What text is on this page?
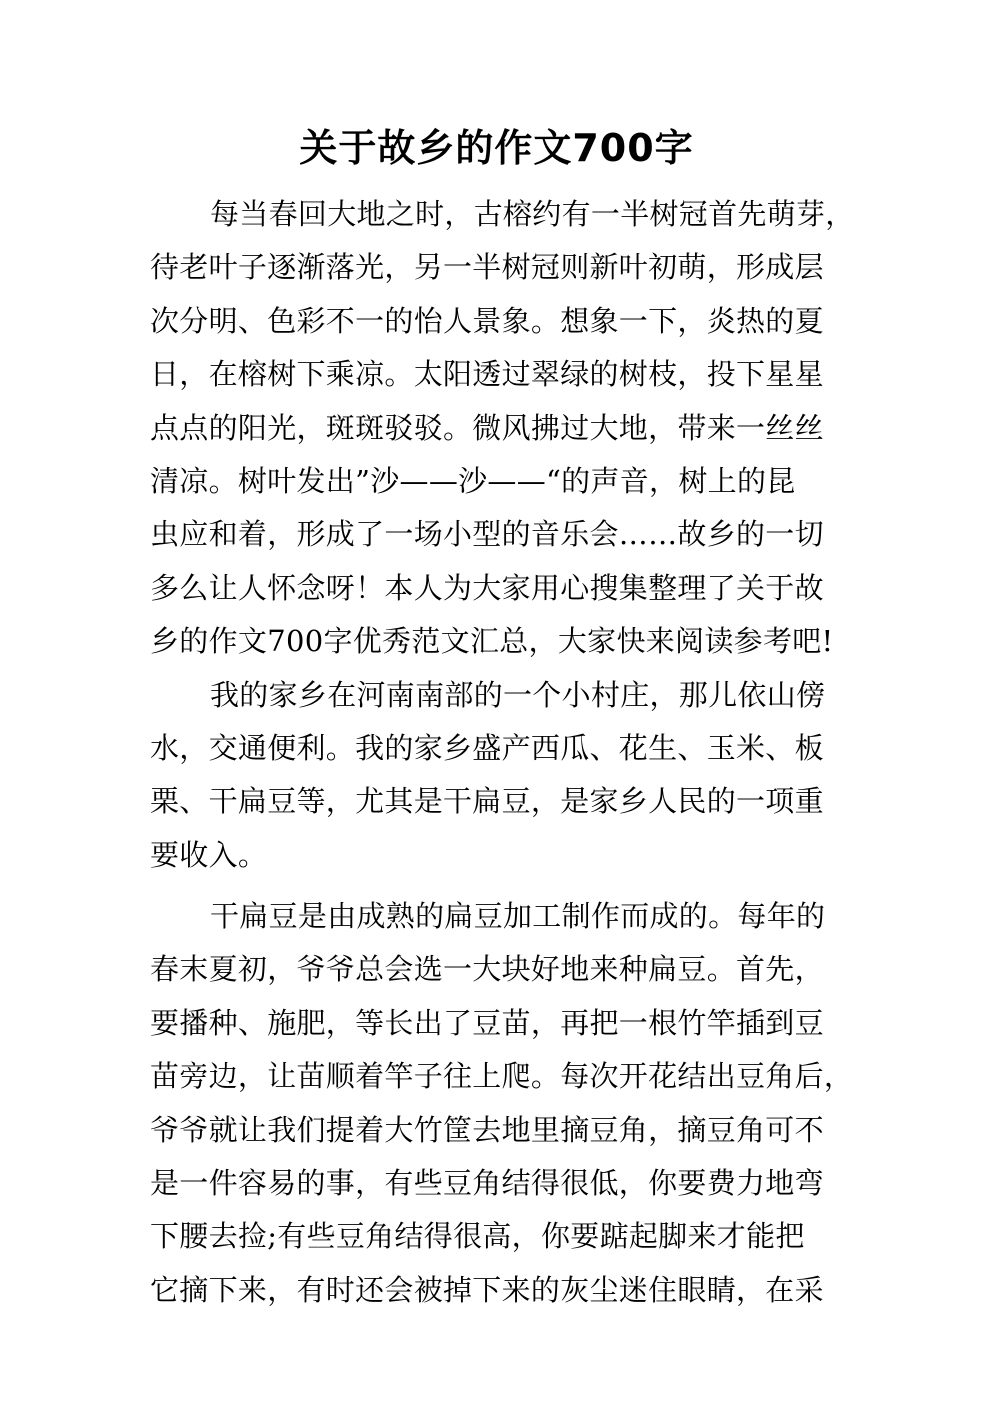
关于故乡的作文700字
每当春回大地之时，古榕约有一半树冠首先萌芽，
待老叶子逐渐落光，另一半树冠则新叶初萌，形成层
次分明、色彩不一的怡人景象。想象一下，炎热的夏
日，在榕树下乘凉。太阳透过翠绿的树枝，投下星星
点点的阳光，斑斑驳驳。微风拂过大地，带来一丝丝
清凉。树叶发出”沙——沙——“的声音，树上的昆
虫应和着，形成了一场小型的音乐会……故乡的一切
多么让人怀念呀！本人为大家用心搜集整理了关于故
乡的作文700字优秀范文汇总，大家快来阅读参考吧!
我的家乡在河南南部的一个小村庄，那儿依山傍
水，交通便利。我的家乡盛产西瓜、花生、玉米、板
栗、干扁豆等，尤其是干扁豆，是家乡人民的一项重
要收入。
干扁豆是由成熟的扁豆加工制作而成的。每年的
春末夏初，爷爷总会选一大块好地来种扁豆。首先，
要播种、施肥，等长出了豆苗，再把一根竹竿插到豆
苗旁边，让苗顺着竿子往上爬。每次开花结出豆角后，
爷爷就让我们提着大竹筐去地里摘豆角，摘豆角可不
是一件容易的事，有些豆角结得很低，你要费力地弯
下腰去捡;有些豆角结得很高，你要踮起脚来才能把
它摘下来，有时还会被掉下来的灰尘迷住眼睛，在采
